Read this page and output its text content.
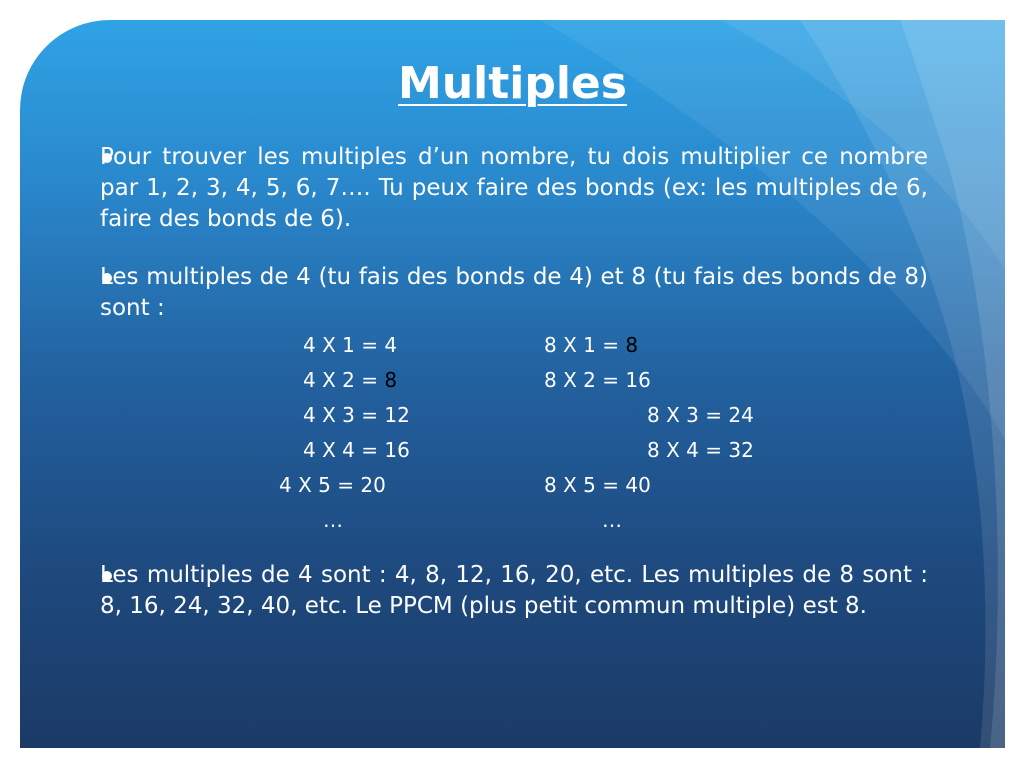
Multiples
Pour trouver les multiples d’un nombre, tu dois multiplier ce nombre par 1, 2, 3, 4, 5, 6, 7…. Tu peux faire des bonds (ex: les multiples de 6, faire des bonds de 6).
Les multiples de 4 (tu fais des bonds de 4) et 8 (tu fais des bonds de 8) sont :
4 X 1 = 4
4 X 2 = 8
4 X 3 = 12
4 X 4 = 16
4 X 5 = 20
…
8 X 1 = 8
8 X 2 = 16
8 X 3 = 24
8 X 4 = 32
8 X 5 = 40
…
Les multiples de 4 sont : 4, 8, 12, 16, 20, etc. Les multiples de 8 sont : 8, 16, 24, 32, 40, etc. Le PPCM (plus petit commun multiple) est 8.
